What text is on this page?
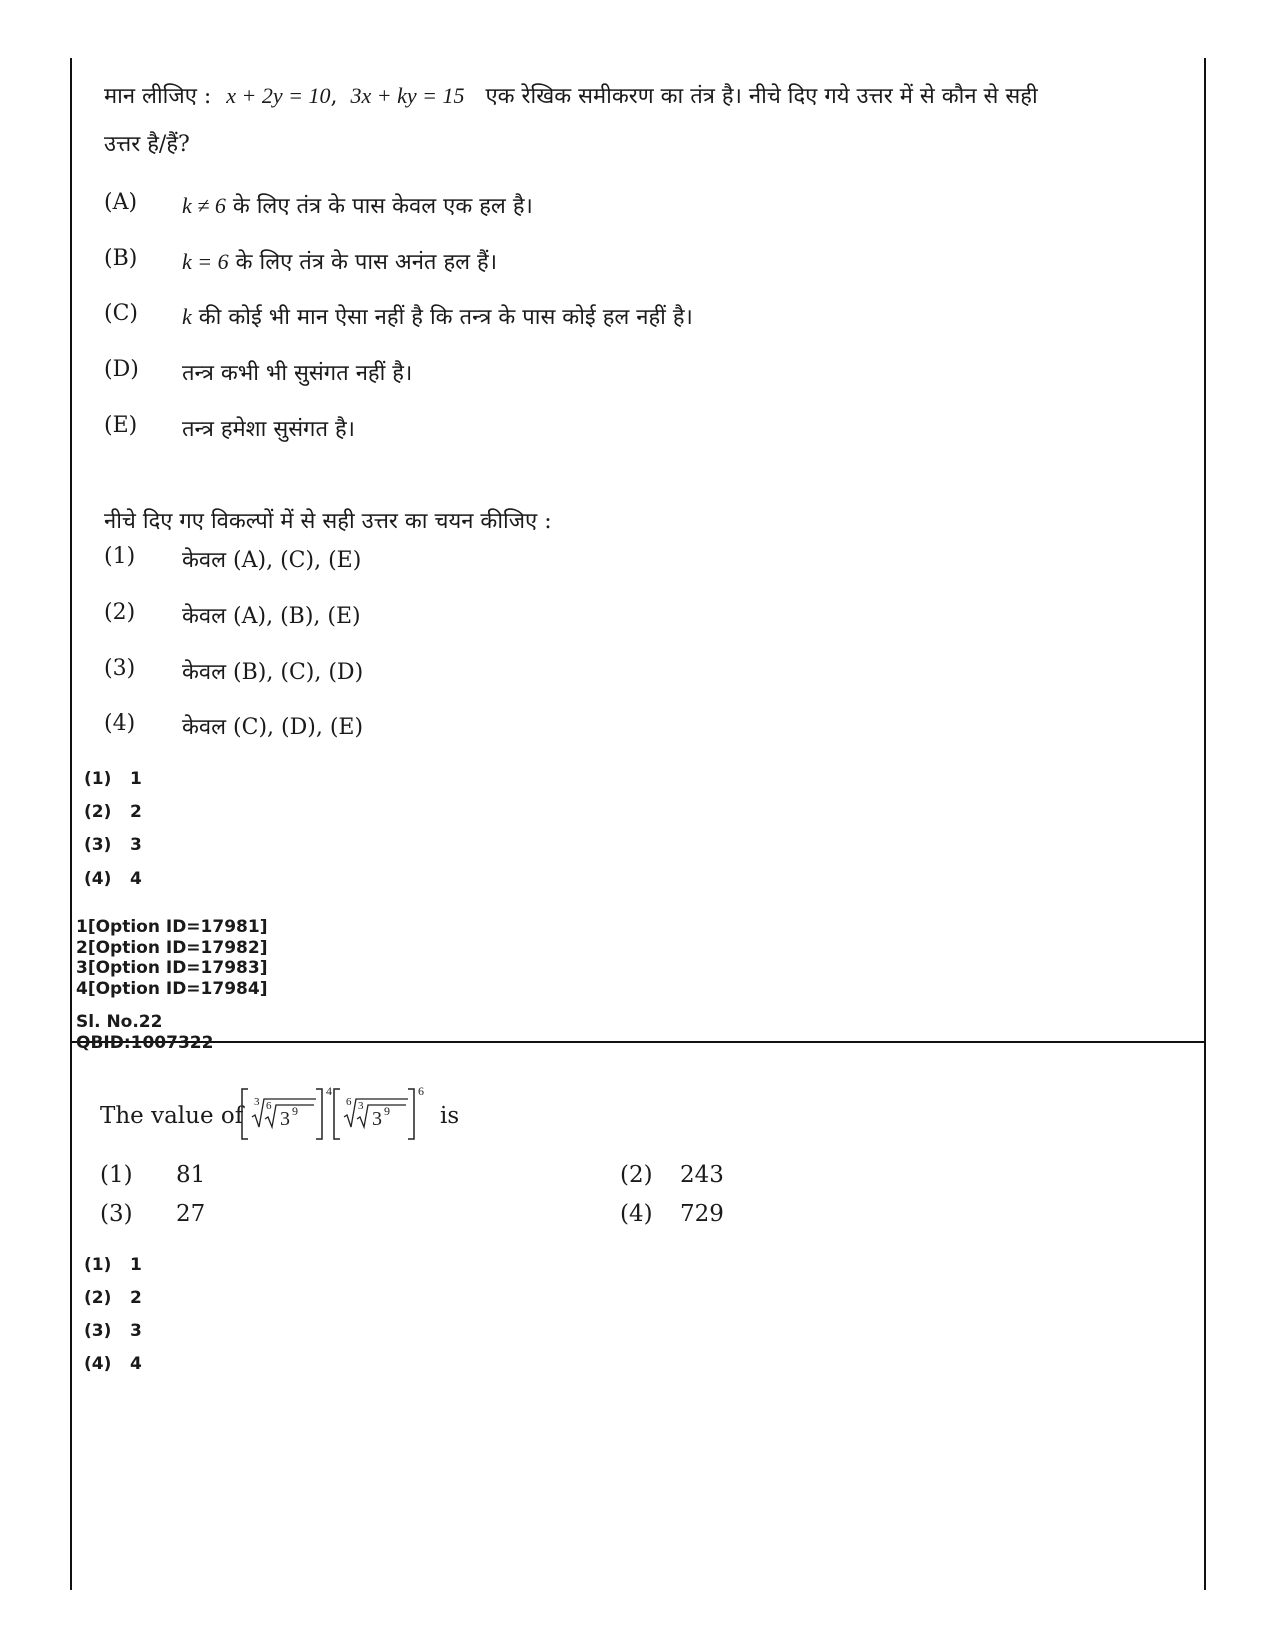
मान लीजिए : x + 2y = 10, 3x + ky = 15 एक रेखिक समीकरण का तंत्र है। नीचे दिए गये उत्तर में से कौन से सही
उत्तर है/हैं?
(A)	k ≠ 6 के लिए तंत्र के पास केवल एक हल है।
(B)	k = 6 के लिए तंत्र के पास अनंत हल हैं।
(C)	k की कोई भी मान ऐसा नहीं है कि तन्त्र के पास कोई हल नहीं है।
(D)	तन्त्र कभी भी सुसंगत नहीं है।
(E)	तन्त्र हमेशा सुसंगत है।
नीचे दिए गए विकल्पों में से सही उत्तर का चयन कीजिए :
(1)	केवल (A), (C), (E)
(2)	केवल (A), (B), (E)
(3)	केवल (B), (C), (D)
(4)	केवल (C), (D), (E)
(1) 1
(2) 2
(3) 3
(4) 4
1[Option ID=17981]
2[Option ID=17982]
3[Option ID=17983]
4[Option ID=17984]
Sl. No.22
QBID:1007322
The value of
3 6
3 9
4
6 3
3 9
6
is
(1) 81	(2) 243
(3) 27	(4) 729
(1) 1
(2) 2
(3) 3
(4) 4
